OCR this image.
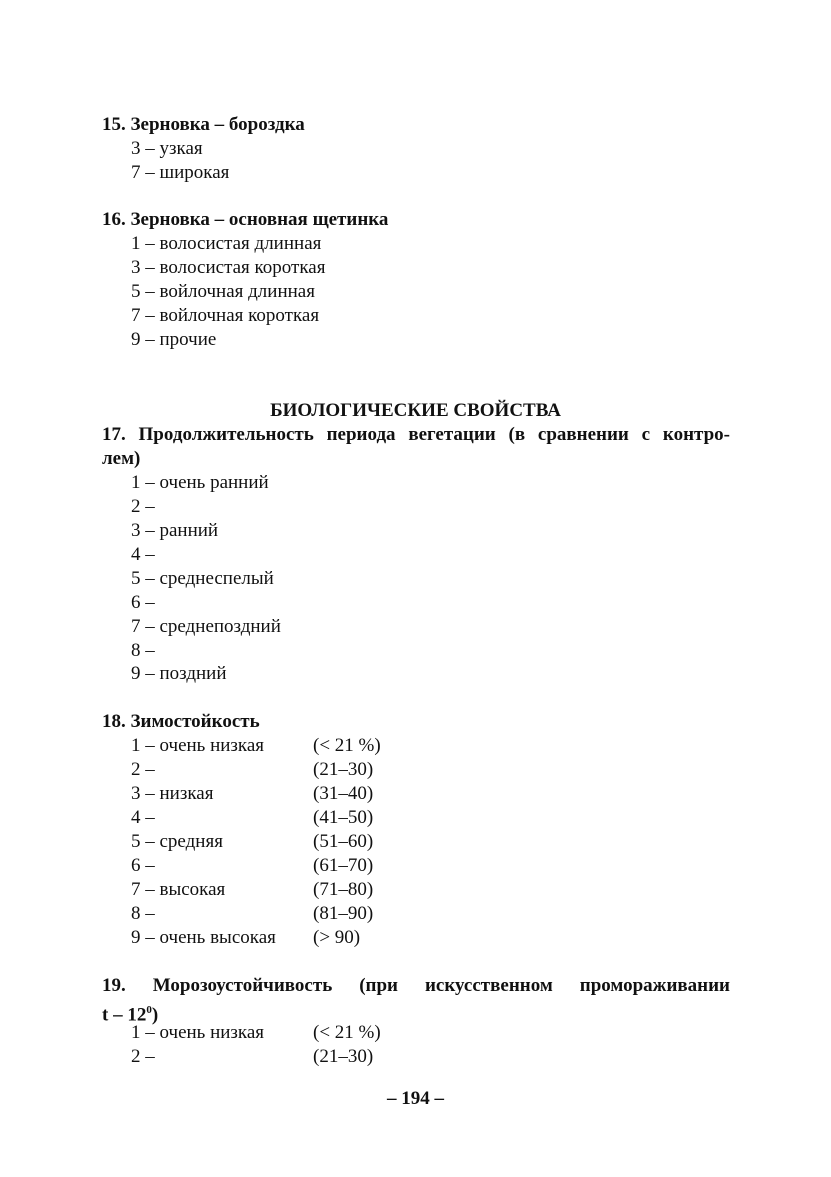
15. Зерновка – бороздка
3 – узкая
7 – широкая
16. Зерновка – основная щетинка
1 – волосистая длинная
3 – волосистая короткая
5 – войлочная длинная
7 – войлочная короткая
9 – прочие
БИОЛОГИЧЕСКИЕ СВОЙСТВА
17. Продолжительность периода вегетации (в сравнении с контро-
лем)
1 – очень ранний
2 –
3 – ранний
4 –
5 – среднеспелый
6 –
7 – среднепоздний
8 –
9 – поздний
18. Зимостойкость
1 – очень низкая	(< 21 %)
2 –	(21–30)
3 – низкая	(31–40)
4 –	(41–50)
5 – средняя	(51–60)
6 –	(61–70)
7 – высокая	(71–80)
8 –	(81–90)
9 – очень высокая (> 90)
19. Морозоустойчивость (при искусственном промораживании
t – $12^0$)
1 – очень низкая	(< 21 %)
2 –	(21–30)
– 194 –
